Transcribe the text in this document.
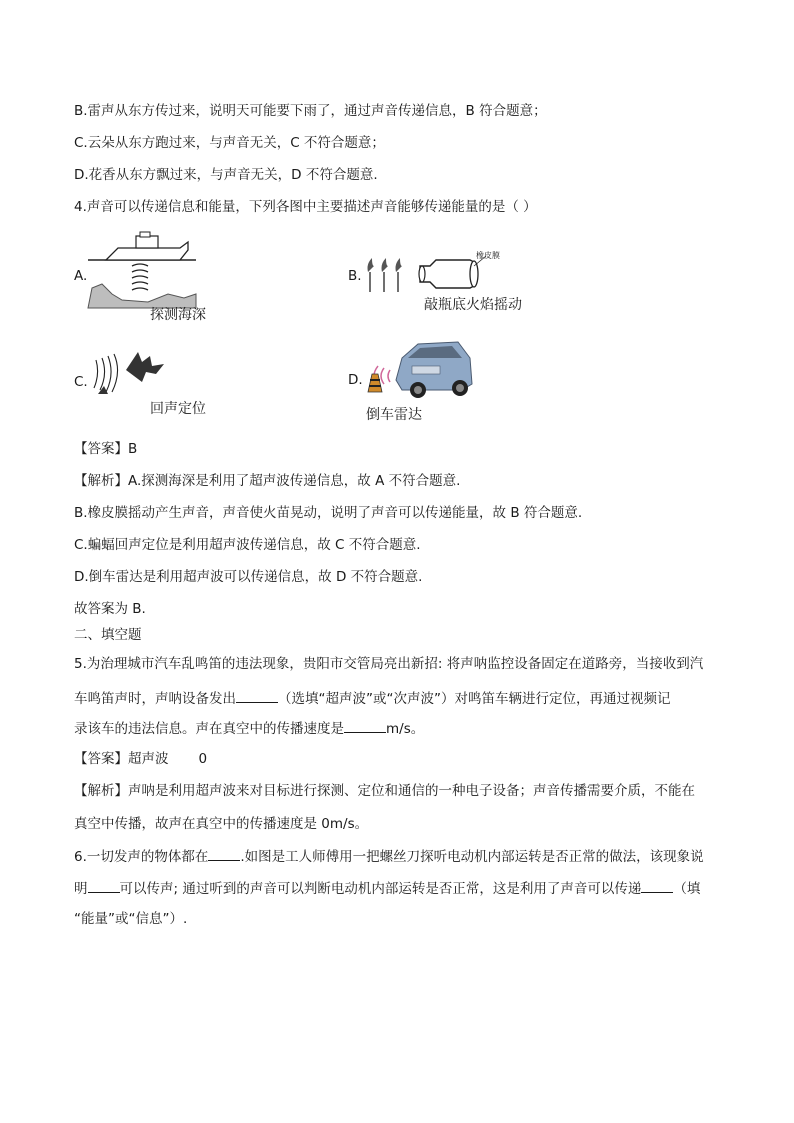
B.雷声从东方传过来，说明天可能要下雨了，通过声音传递信息，B 符合题意；
C.云朵从东方跑过来，与声音无关，C 不符合题意；
D.花香从东方飘过来，与声音无关，D 不符合题意.
4.声音可以传递信息和能量，下列各图中主要描述声音能够传递能量的是（ ）
A.
探测海深
B.
橡皮膜
敲瓶底火焰摇动
C.
回声定位
D.
倒车雷达
【答案】B
【解析】A.探测海深是利用了超声波传递信息，故 A 不符合题意.
B.橡皮膜摇动产生声音，声音使火苗晃动，说明了声音可以传递能量，故 B 符合题意.
C.蝙蝠回声定位是利用超声波传递信息，故 C 不符合题意.
D.倒车雷达是利用超声波可以传递信息，故 D 不符合题意.
故答案为 B.
二、填空题
5.为治理城市汽车乱鸣笛的违法现象，贵阳市交管局亮出新招: 将声呐监控设备固定在道路旁，当接收到汽
车鸣笛声时，声呐设备发出	（选填“超声波”或“次声波”）对鸣笛车辆进行定位，再通过视频记
录该车的违法信息。声在真空中的传播速度是	m/s。
【答案】超声波 0
【解析】声呐是利用超声波来对目标进行探测、定位和通信的一种电子设备；声音传播需要介质，不能在
真空中传播，故声在真空中的传播速度是 0m/s。
6.一切发声的物体都在 .如图是工人师傅用一把螺丝刀探听电动机内部运转是否正常的做法，该现象说
明 可以传声; 通过听到的声音可以判断电动机内部运转是否正常，这是利用了声音可以传递 （填
“能量”或“信息”）.
